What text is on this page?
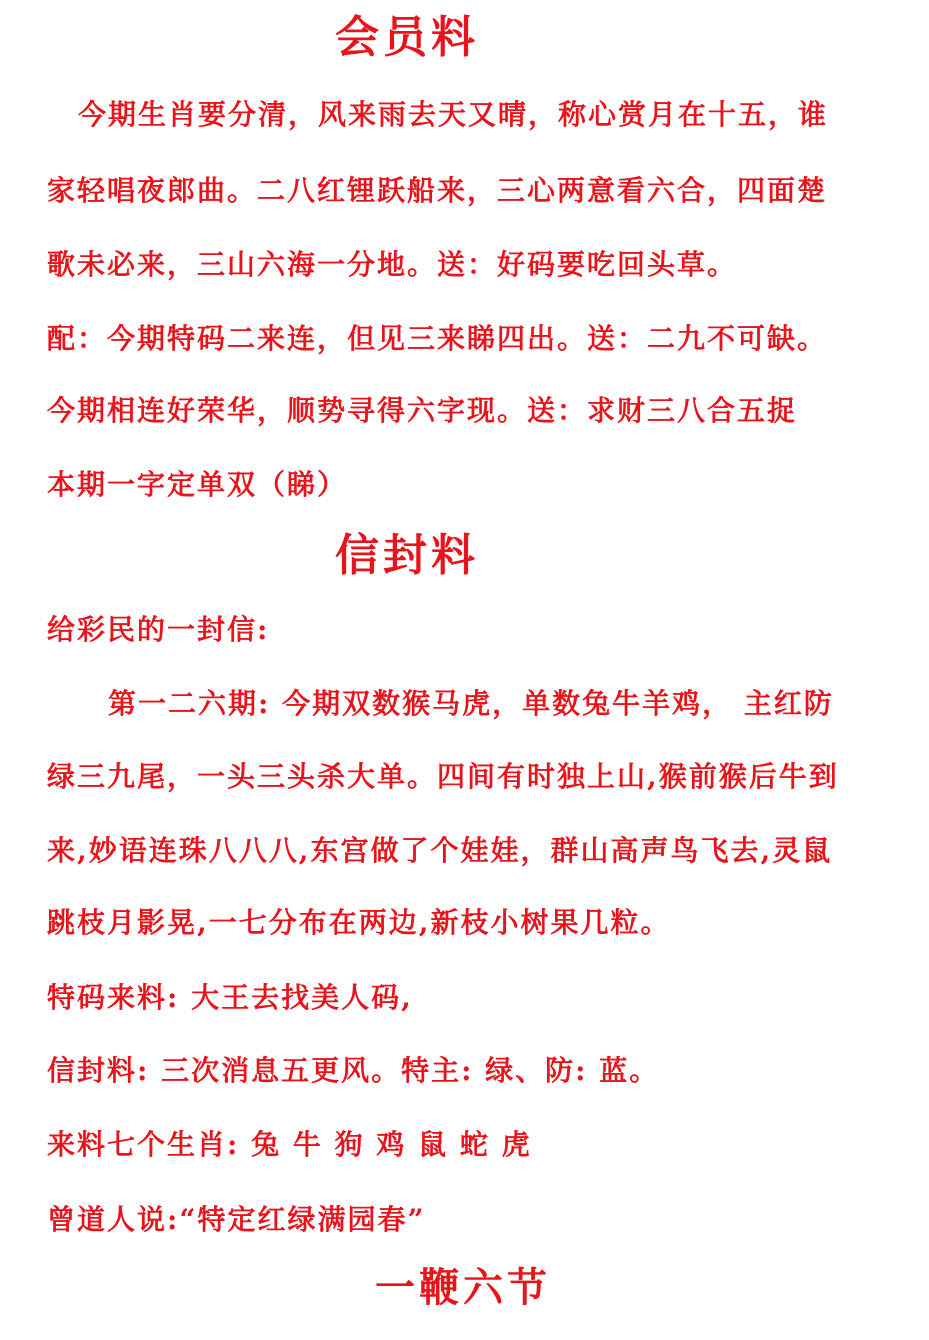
会员料
今期生肖要分清，风来雨去天又晴，称心赏月在十五，谁
家轻唱夜郎曲。二八红锂跃船来，三心两意看六合，四面楚
歌未必来，三山六海一分地。送：好码要吃回头草。
配：今期特码二来连，但见三来睇四出。送：二九不可缺。
今期相连好荣华，顺势寻得六字现。送：求财三八合五捉
本期一字定单双（睇）
信封料
给彩民的一封信:
第一二六期: 今期双数猴马虎，单数兔牛羊鸡， 主红防
绿三九尾，一头三头杀大单。四间有时独上山,猴前猴后牛到
来,妙语连珠八八八,东宫做了个娃娃，群山高声鸟飞去,灵鼠
跳枝月影晃,一七分布在两边,新枝小树果几粒。
特码来料: 大王去找美人码,
信封料: 三次消息五更风。特主: 绿、防: 蓝。
来料七个生肖: 兔 牛 狗 鸡 鼠 蛇 虎
曾道人说:“特定红绿满园春”
一鞭六节
